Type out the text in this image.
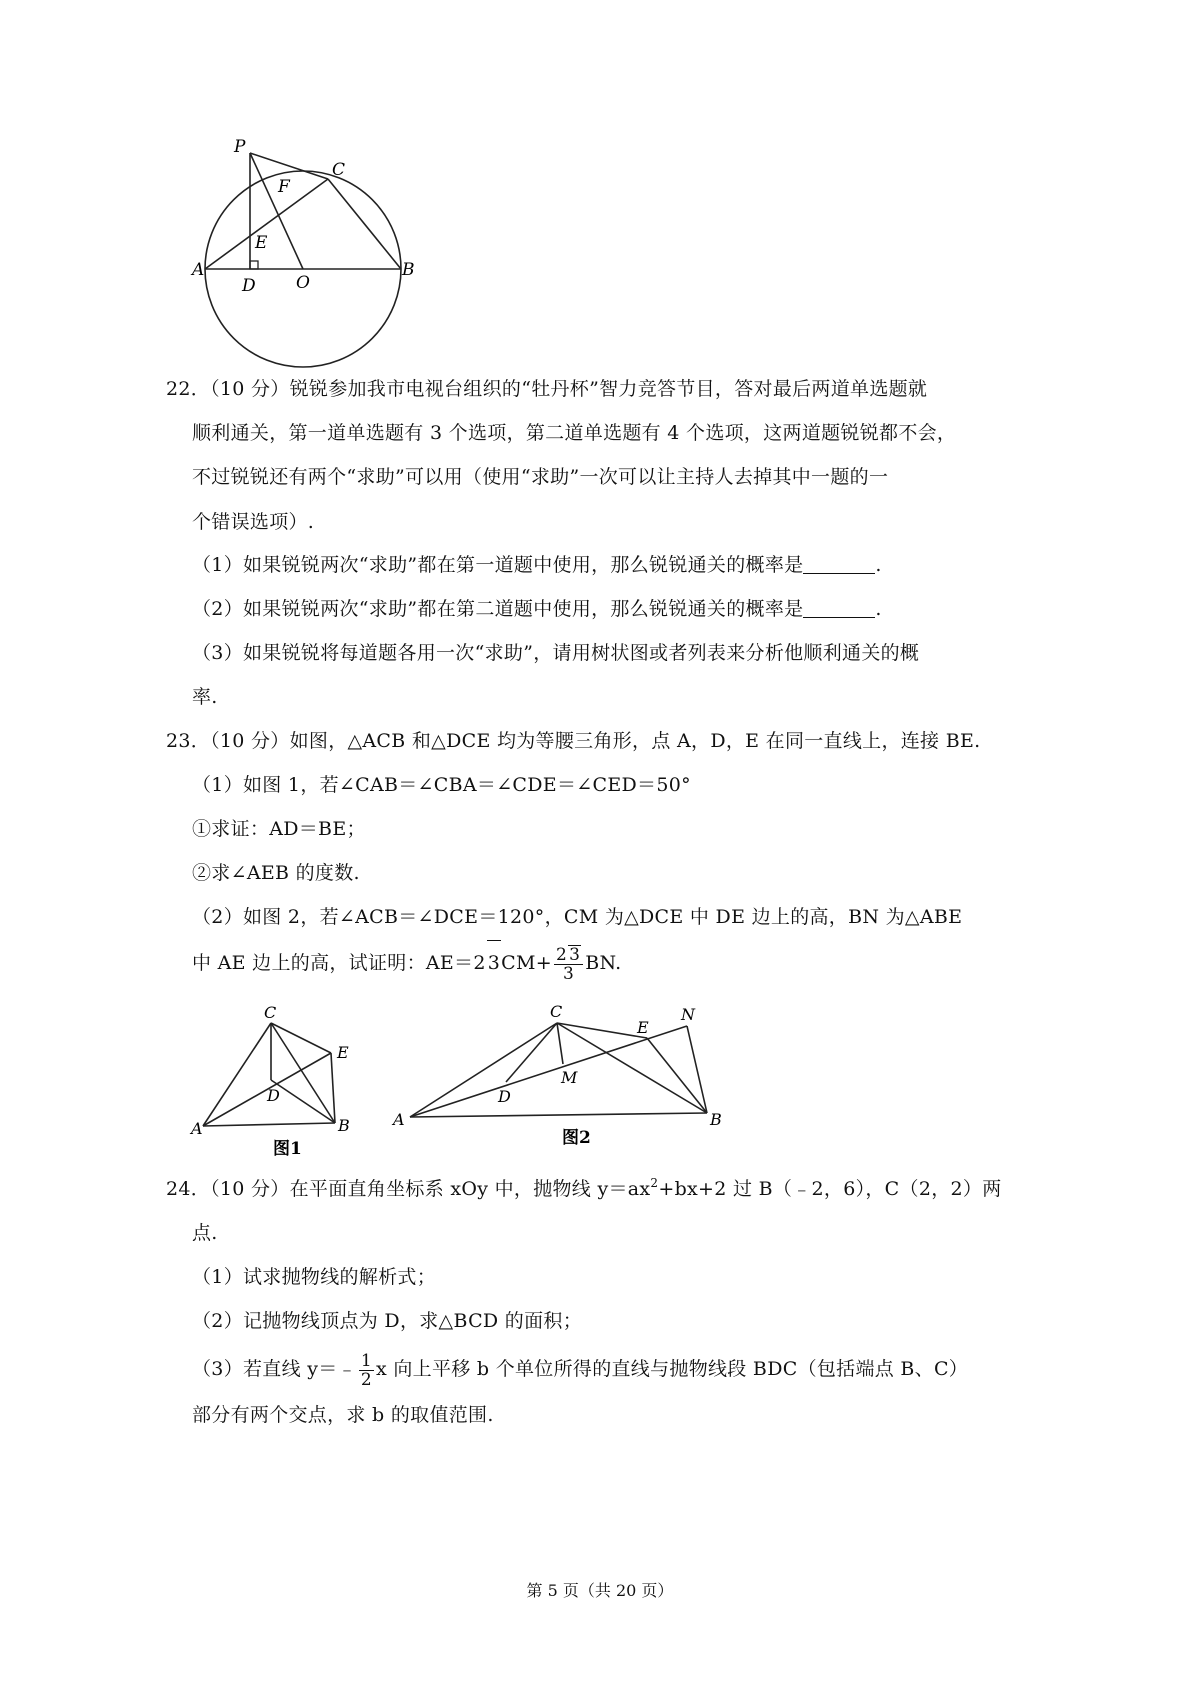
P
C
F
E
A
D O
B
22．（10 分）锐锐参加我市电视台组织的“牡丹杯”智力竞答节目，答对最后两道单选题就
顺利通关，第一道单选题有 3 个选项，第二道单选题有 4 个选项，这两道题锐锐都不会，
不过锐锐还有两个“求助”可以用（使用“求助”一次可以让主持人去掉其中一题的一
个错误选项）.
（1）如果锐锐两次“求助”都在第一道题中使用，那么锐锐通关的概率是	.
（2）如果锐锐两次“求助”都在第二道题中使用，那么锐锐通关的概率是	.
（3）如果锐锐将每道题各用一次“求助”，请用树状图或者列表来分析他顺利通关的概
率.
23．（10 分）如图，△ACB 和△DCE 均为等腰三角形，点 A，D，E 在同一直线上，连接 BE.
（1）如图 1，若∠CAB＝∠CBA＝∠CDE＝∠CED＝50°
①求证：AD＝BE；
②求∠AEB 的度数.
（2）如图 2，若∠ACB＝∠DCE＝120°，CM 为△DCE 中 DE 边上的高，BN 为△ABE
中 AE 边上的高，试证明：AE＝2 $3CM+ \frac{2 3}{3}$ BN.
C
E
D
A	B
图1
C
E
N
M
D
A	B
图2
24．（10 分）在平面直角坐标系 xOy 中，抛物线 $y=ax^2+bx+2$ 过 B（﹣2，6），C（2，2）两
点.
（1）试求抛物线的解析式；
（2）记抛物线顶点为 D，求△BCD 的面积；
（3）若直线 y＝﹣ $\frac{1}{2}$ x 向上平移 b 个单位所得的直线与抛物线段 BDC（包括端点 B、C）
部分有两个交点，求 b 的取值范围.
第 5 页（共 20 页）
